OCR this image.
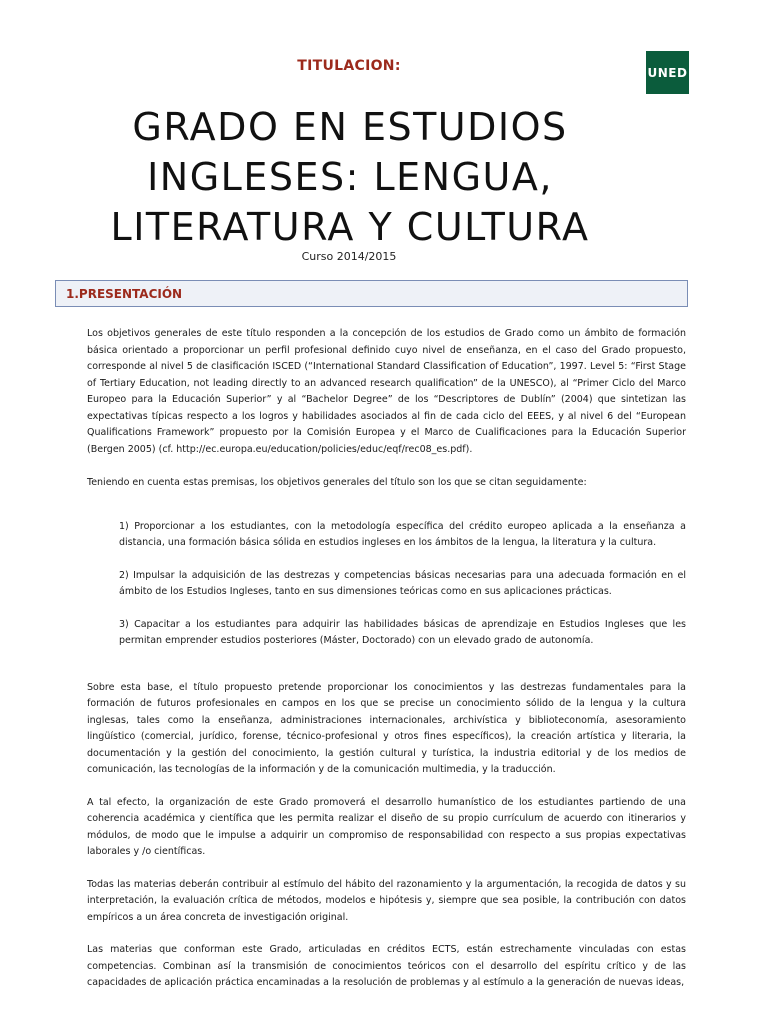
TITULACION:	UNED
GRADO EN ESTUDIOS
INGLESES: LENGUA,
LITERATURA Y CULTURA
Curso 2014/2015
1.PRESENTACIÓN

Los objetivos generales de este título responden a la concepción de los estudios de Grado como un ámbito de formación básica orientado a proporcionar un perfil profesional definido cuyo nivel de enseñanza, en el caso del Grado propuesto, corresponde al nivel 5 de clasificación ISCED (“International Standard Classification of Education”, 1997. Level 5: “First Stage of Tertiary Education, not leading directly to an advanced research qualification” de la UNESCO), al “Primer Ciclo del Marco Europeo para la Educación Superior” y al “Bachelor Degree” de los “Descriptores de Dublín” (2004) que sintetizan las expectativas típicas respecto a los logros y habilidades asociados al fin de cada ciclo del EEES, y al nivel 6 del “European Qualifications Framework” propuesto por la Comisión Europea y el Marco de Cualificaciones para la Educación Superior (Bergen 2005) (cf. http://ec.europa.eu/education/policies/educ/eqf/rec08_es.pdf).

Teniendo en cuenta estas premisas, los objetivos generales del título son los que se citan seguidamente:

1) Proporcionar a los estudiantes, con la metodología específica del crédito europeo aplicada a la enseñanza a distancia, una formación básica sólida en estudios ingleses en los ámbitos de la lengua, la literatura y la cultura.

2) Impulsar la adquisición de las destrezas y competencias básicas necesarias para una adecuada formación en el ámbito de los Estudios Ingleses, tanto en sus dimensiones teóricas como en sus aplicaciones prácticas.

3) Capacitar a los estudiantes para adquirir las habilidades básicas de aprendizaje en Estudios Ingleses que les permitan emprender estudios posteriores (Máster, Doctorado) con un elevado grado de autonomía.

Sobre esta base, el título propuesto pretende proporcionar los conocimientos y las destrezas fundamentales para la formación de futuros profesionales en campos en los que se precise un conocimiento sólido de la lengua y la cultura inglesas, tales como la enseñanza, administraciones internacionales, archivística y biblioteconomía, asesoramiento lingüístico (comercial, jurídico, forense, técnico-profesional y otros fines específicos), la creación artística y literaria, la documentación y la gestión del conocimiento, la gestión cultural y turística, la industria editorial y de los medios de comunicación, las tecnologías de la información y de la comunicación multimedia, y la traducción.

A tal efecto, la organización de este Grado promoverá el desarrollo humanístico de los estudiantes partiendo de una coherencia académica y científica que les permita realizar el diseño de su propio currículum de acuerdo con itinerarios y módulos, de modo que le impulse a adquirir un compromiso de responsabilidad con respecto a sus propias expectativas laborales y /o científicas.

Todas las materias deberán contribuir al estímulo del hábito del razonamiento y la argumentación, la recogida de datos y su interpretación, la evaluación crítica de métodos, modelos e hipótesis y, siempre que sea posible, la contribución con datos empíricos a un área concreta de investigación original.

Las materias que conforman este Grado, articuladas en créditos ECTS, están estrechamente vinculadas con estas competencias. Combinan así la transmisión de conocimientos teóricos con el desarrollo del espíritu crítico y de las capacidades de aplicación práctica encaminadas a la resolución de problemas y al estímulo a la generación de nuevas ideas,
